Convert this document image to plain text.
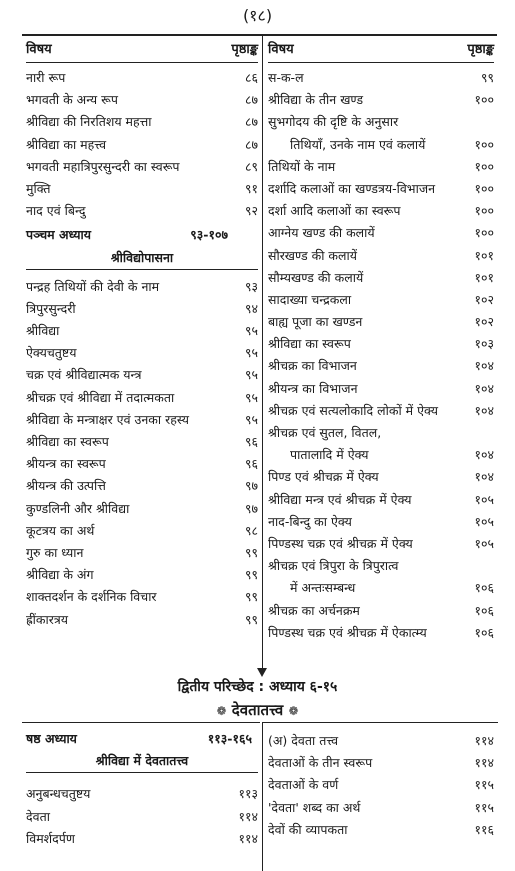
(१८)
विषय	पृष्ठाङ्क
नारी रूप	८६
भगवती के अन्य रूप	८७
श्रीविद्या की निरतिशय महत्ता	८७
श्रीविद्या का महत्त्व	८७
भगवती महात्रिपुरसुन्दरी का स्वरूप	८९
मुक्ति	९१
नाद एवं बिन्दु	९२
पञ्चम अध्याय	९३-१०७
श्रीविद्योपासना
पन्द्रह तिथियों की देवी के नाम	९३
त्रिपुरसुन्दरी	९४
श्रीविद्या	९५
ऐक्यचतुष्टय	९५
चक्र एवं श्रीविद्यात्मक यन्त्र	९५
श्रीचक्र एवं श्रीविद्या में तदात्मकता	९५
श्रीविद्या के मन्त्राक्षर एवं उनका रहस्य	९५
श्रीविद्या का स्वरूप	९६
श्रीयन्त्र का स्वरूप	९६
श्रीयन्त्र की उत्पत्ति	९७
कुण्डलिनी और श्रीविद्या	९७
कूटत्रय का अर्थ	९८
गुरु का ध्यान	९९
श्रीविद्या के अंग	९९
शाक्तदर्शन के दर्शनिक विचार	९९
ह्रींकारत्रय	९९
विषय	पृष्ठाङ्क
स-क-ल	९९
श्रीविद्या के तीन खण्ड	१००
सुभगोदय की दृष्टि के अनुसार
तिथियाँ, उनके नाम एवं कलायें	१००
तिथियों के नाम	१००
दर्शादि कलाओं का खण्डत्रय-विभाजन	१००
दर्शा आदि कलाओं का स्वरूप	१००
आग्नेय खण्ड की कलायें	१००
सौरखण्ड की कलायें	१०१
सौम्यखण्ड की कलायें	१०१
सादाख्या चन्द्रकला	१०२
बाह्य पूजा का खण्डन	१०२
श्रीविद्या का स्वरूप	१०३
श्रीचक्र का विभाजन	१०४
श्रीयन्त्र का विभाजन	१०४
श्रीचक्र एवं सत्यलोकादि लोकों में ऐक्य	१०४
श्रीचक्र एवं सुतल, वितल,
पातालादि में ऐक्य	१०४
पिण्ड एवं श्रीचक्र में ऐक्य	१०४
श्रीविद्या मन्त्र एवं श्रीचक्र में ऐक्य	१०५
नाद-बिन्दु का ऐक्य	१०५
पिण्डस्थ चक्र एवं श्रीचक्र में ऐक्य	१०५
श्रीचक्र एवं त्रिपुरा के त्रिपुरात्व
में अन्तःसम्बन्ध	१०६
श्रीचक्र का अर्चनक्रम	१०६
पिण्डस्थ चक्र एवं श्रीचक्र में ऐकात्म्य	१०६
द्वितीय परिच्छेद : अध्याय ६-१५
❁ देवतातत्त्व ❁
षष्ठ अध्याय	११३-१६५
श्रीविद्या में देवतातत्त्व
अनुबन्धचतुष्टय	११३
देवता	११४
विमर्शदर्पण	११४
(अ) देवता तत्त्व	११४
देवताओं के तीन स्वरूप	११४
देवताओं के वर्ण	११५
'देवता' शब्द का अर्थ	११५
देवों की व्यापकता	११६
